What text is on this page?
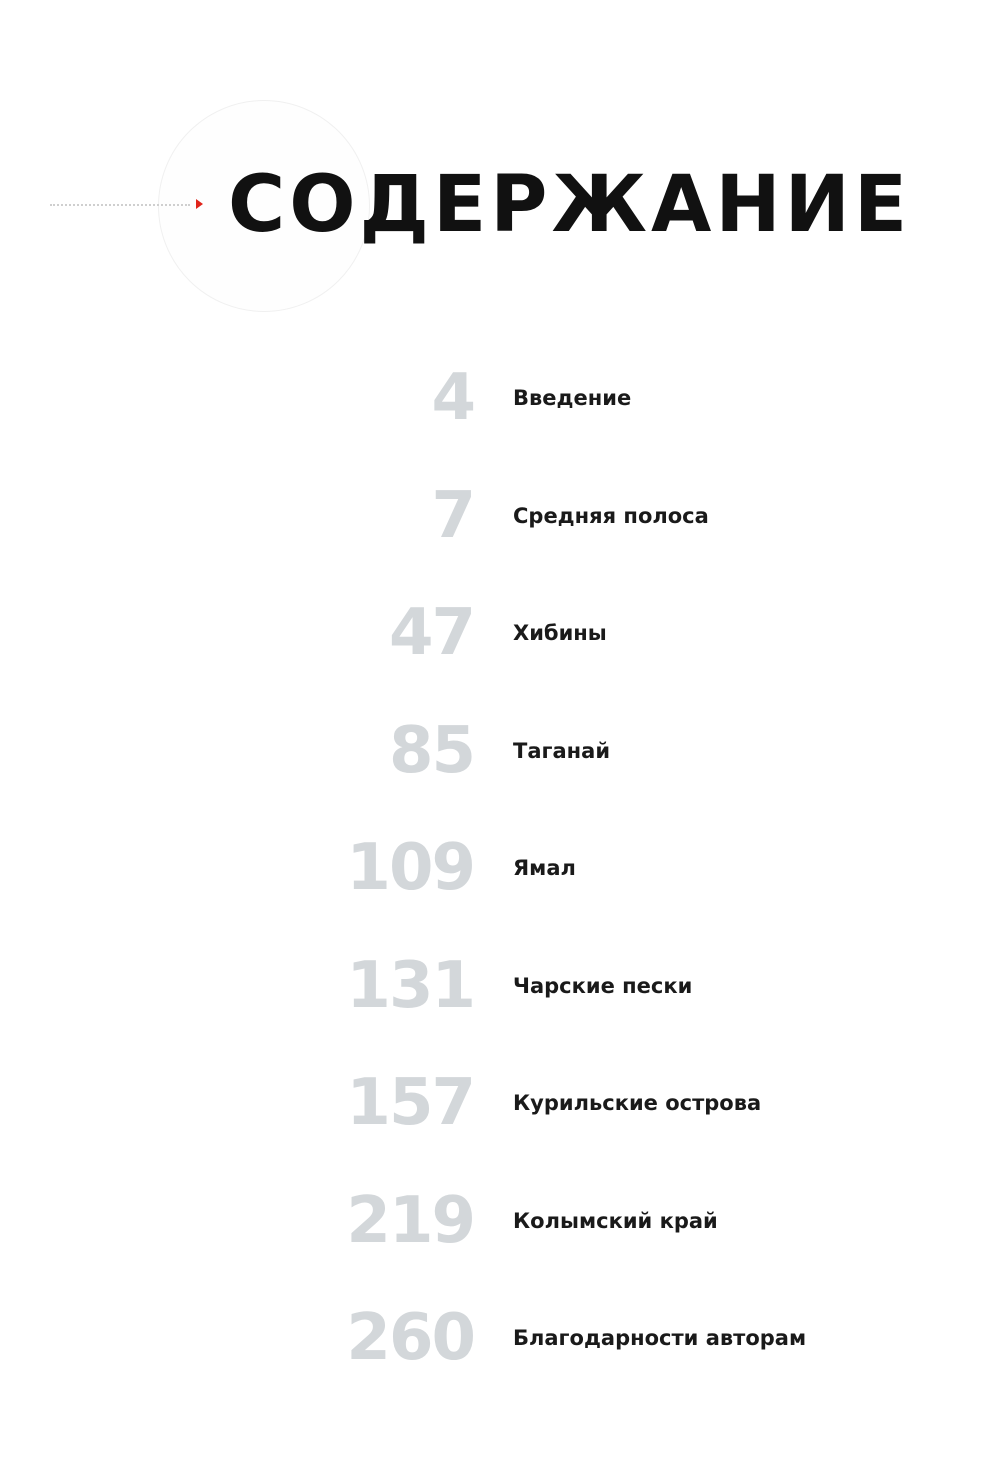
СОДЕРЖАНИЕ
4 Введение
7 Средняя полоса
47 Хибины
85 Таганай
109 Ямал
131 Чарские пески
157 Курильские острова
219 Колымский край
260 Благодарности авторам
